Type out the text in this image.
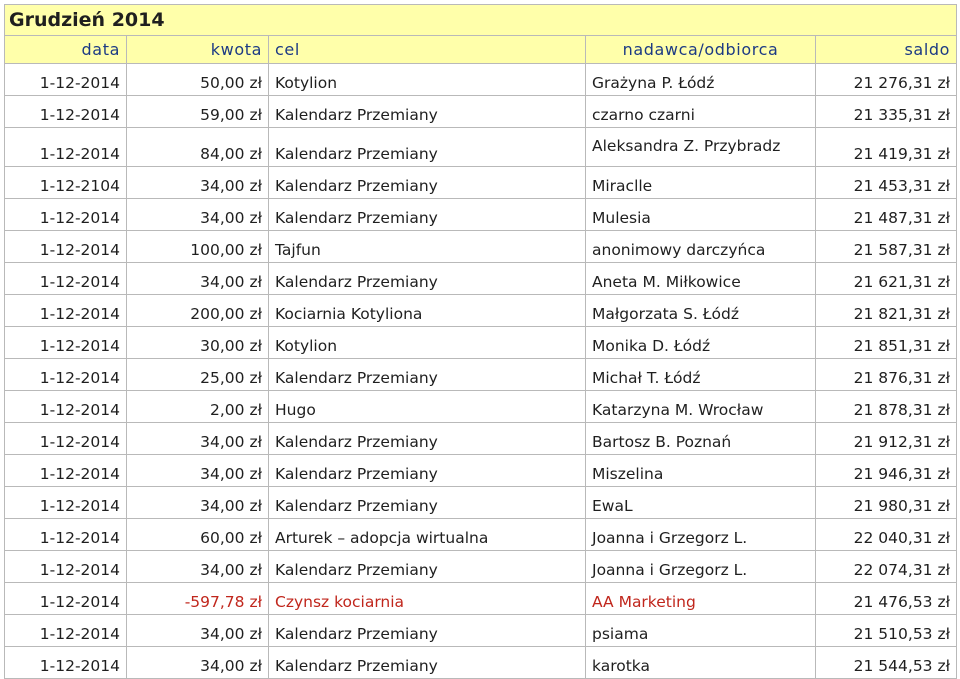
Grudzień 2014				
data	kwota	cel	nadawca/odbiorca	saldo
1-12-2014	50,00 zł	Kotylion	Grażyna P. Łódź	21 276,31 zł
1-12-2014	59,00 zł	Kalendarz Przemiany	czarno czarni	21 335,31 zł
1-12-2014	84,00 zł	Kalendarz Przemiany	Aleksandra Z. Przybradz	21 419,31 zł
1-12-2104	34,00 zł	Kalendarz Przemiany	Miraclle	21 453,31 zł
1-12-2014	34,00 zł	Kalendarz Przemiany	Mulesia	21 487,31 zł
1-12-2014	100,00 zł	Tajfun	anonimowy darczyńca	21 587,31 zł
1-12-2014	34,00 zł	Kalendarz Przemiany	Aneta M. Miłkowice	21 621,31 zł
1-12-2014	200,00 zł	Kociarnia Kotyliona	Małgorzata S. Łódź	21 821,31 zł
1-12-2014	30,00 zł	Kotylion	Monika D. Łódź	21 851,31 zł
1-12-2014	25,00 zł	Kalendarz Przemiany	Michał T. Łódź	21 876,31 zł
1-12-2014	2,00 zł	Hugo	Katarzyna M. Wrocław	21 878,31 zł
1-12-2014	34,00 zł	Kalendarz Przemiany	Bartosz B. Poznań	21 912,31 zł
1-12-2014	34,00 zł	Kalendarz Przemiany	Miszelina	21 946,31 zł
1-12-2014	34,00 zł	Kalendarz Przemiany	EwaL	21 980,31 zł
1-12-2014	60,00 zł	Arturek – adopcja wirtualna	Joanna i Grzegorz L.	22 040,31 zł
1-12-2014	34,00 zł	Kalendarz Przemiany	Joanna i Grzegorz L.	22 074,31 zł
1-12-2014	-597,78 zł	Czynsz kociarnia	AA Marketing	21 476,53 zł
1-12-2014	34,00 zł	Kalendarz Przemiany	psiama	21 510,53 zł
1-12-2014	34,00 zł	Kalendarz Przemiany	karotka	21 544,53 zł
